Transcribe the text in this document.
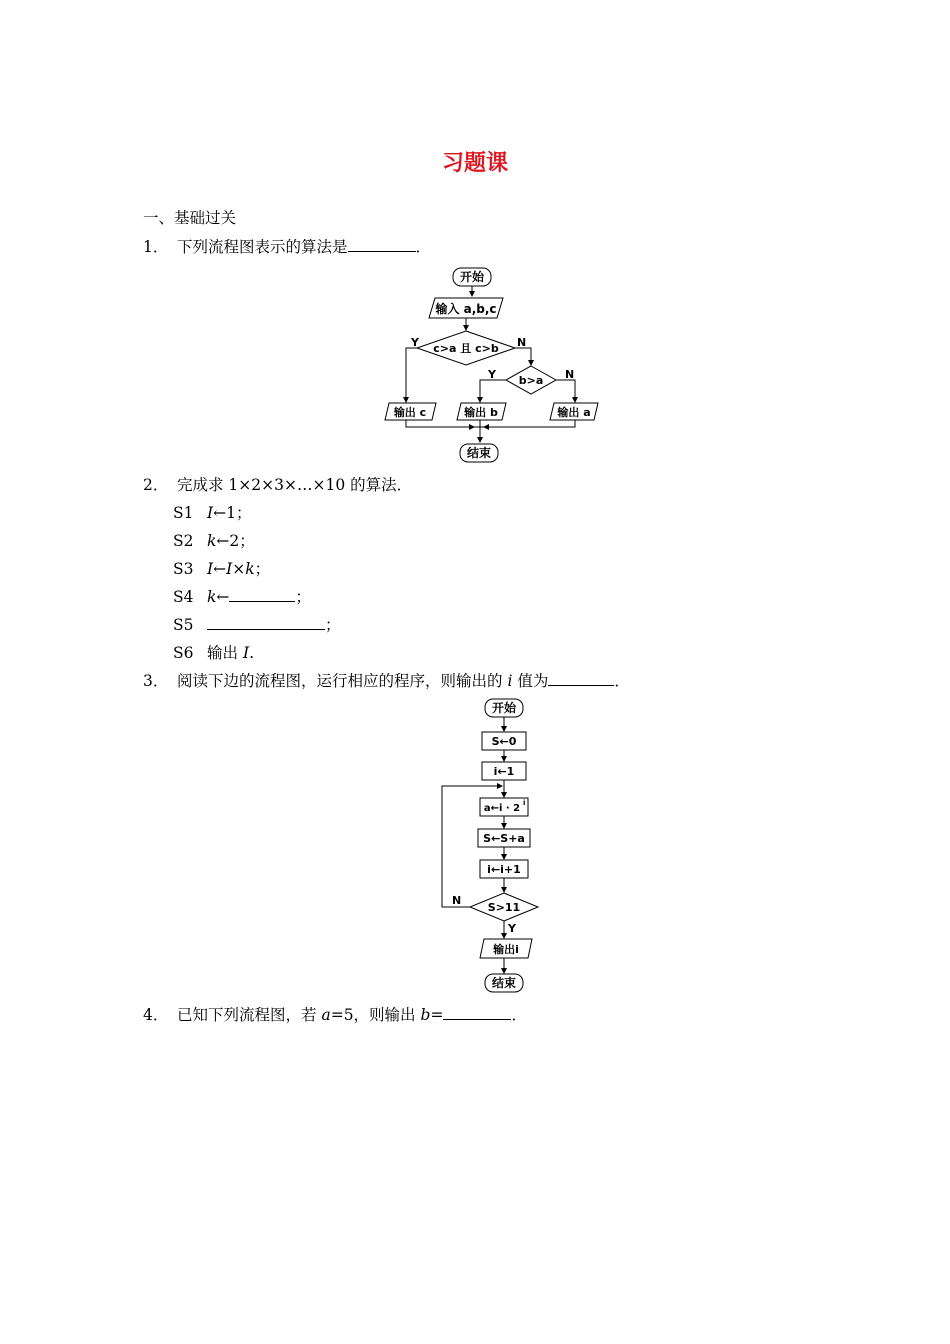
习题课
一、基础过关
1． 下列流程图表示的算法是	．
开始
输入 a,b,c
c>a 且 c>b
Y	N
b>a
Y	N
输出 c	输出 b	输出 a
结束
2． 完成求 1×2×3×…×10 的算法．
S1 I←1；
S2 k←2；
S3 I←I×k；
S4 k←	；
S5	；
S6 输出 I.
3． 阅读下边的流程图，运行相应的程序，则输出的 i 值为	．
开始
S←0
i←1
a←i · 2 i
S←S+a
i←i+1
S>11
N
Y
输出i
结束
4． 已知下列流程图，若 a=5，则输出 b=	．
